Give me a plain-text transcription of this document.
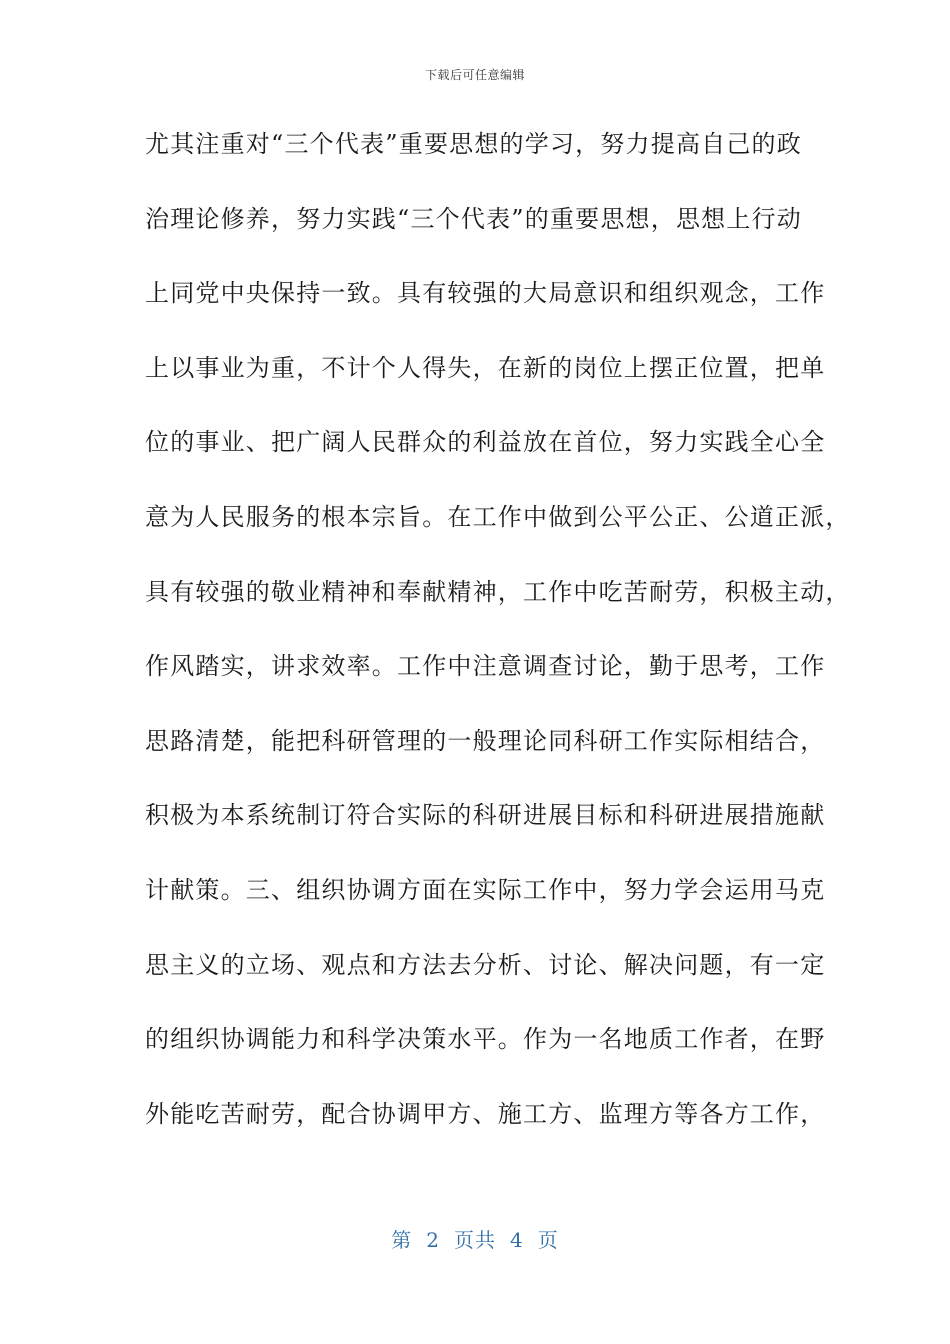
下载后可任意编辑
尤其注重对“三个代表”重要思想的学习，努力提高自己的政
治理论修养，努力实践“三个代表”的重要思想，思想上行动
上同党中央保持一致。具有较强的大局意识和组织观念，工作
上以事业为重，不计个人得失，在新的岗位上摆正位置，把单
位的事业、把广阔人民群众的利益放在首位，努力实践全心全
意为人民服务的根本宗旨。在工作中做到公平公正、公道正派，
具有较强的敬业精神和奉献精神，工作中吃苦耐劳，积极主动，
作风踏实，讲求效率。工作中注意调查讨论，勤于思考，工作
思路清楚，能把科研管理的一般理论同科研工作实际相结合，
积极为本系统制订符合实际的科研进展目标和科研进展措施献
计献策。三、组织协调方面在实际工作中，努力学会运用马克
思主义的立场、观点和方法去分析、讨论、解决问题，有一定
的组织协调能力和科学决策水平。作为一名地质工作者，在野
外能吃苦耐劳，配合协调甲方、施工方、监理方等各方工作，
第 2 页共 4 页
